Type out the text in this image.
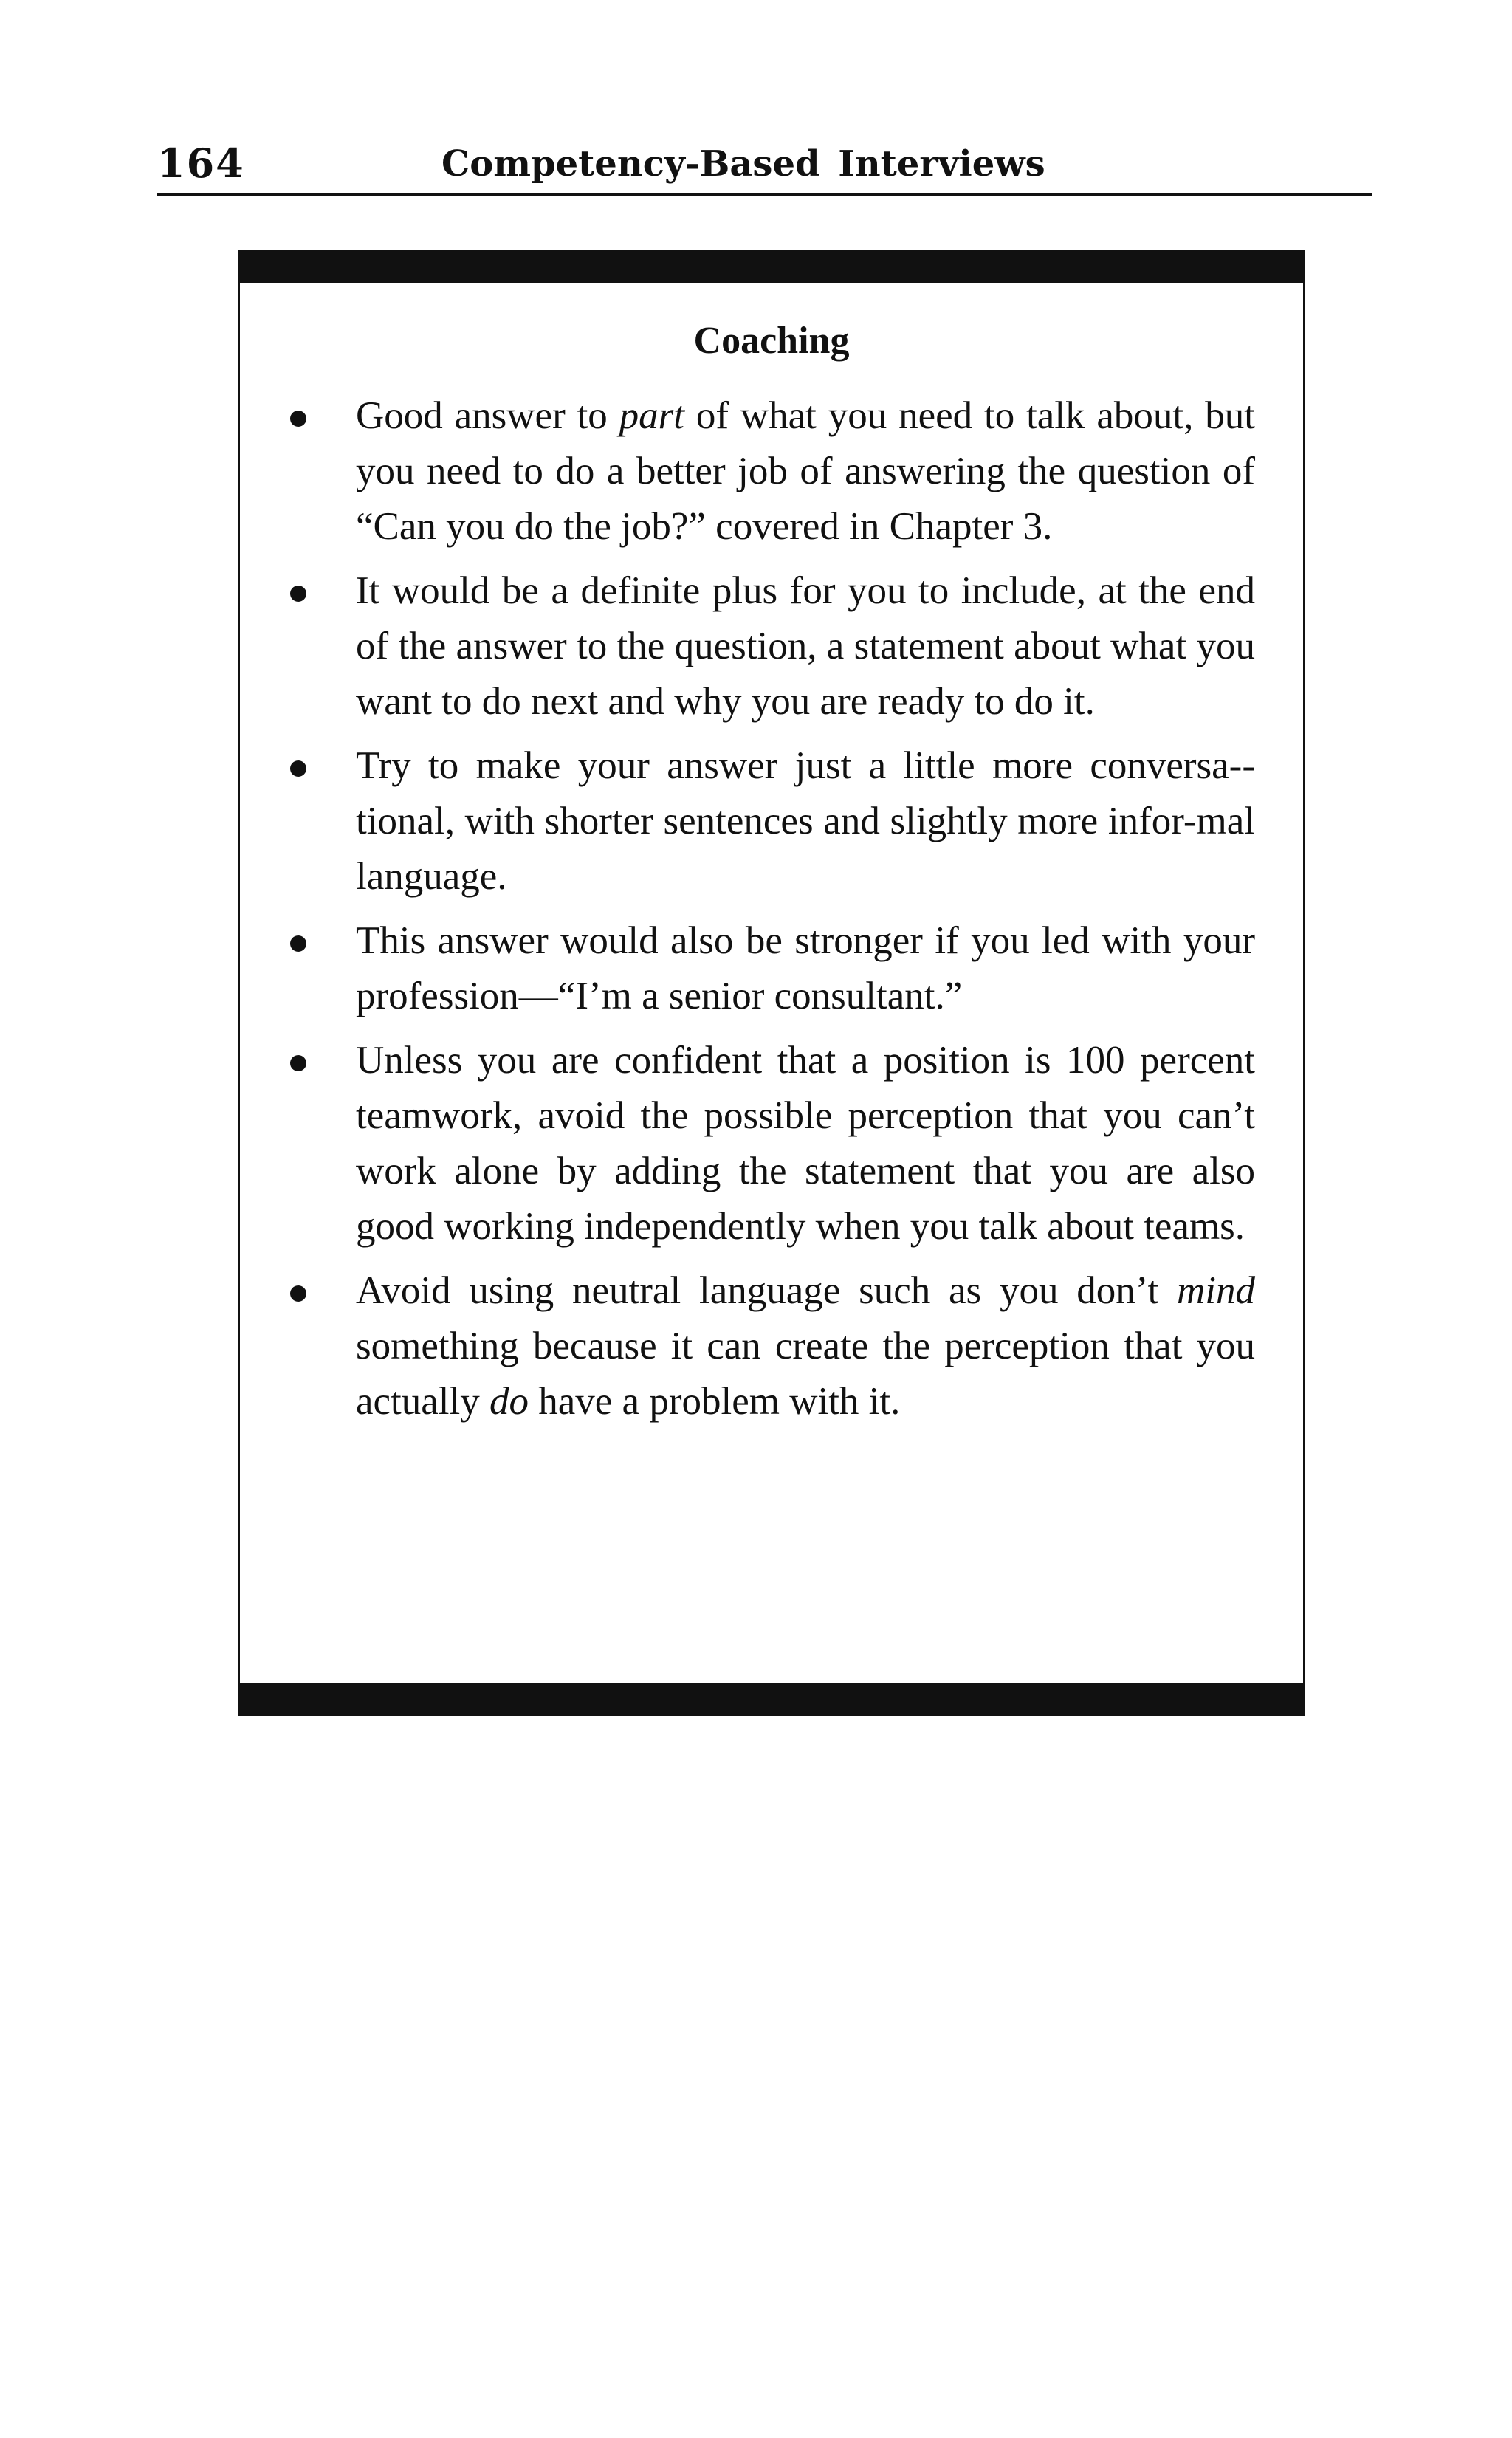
164	Competency-Based Interviews
Coaching
Good answer to part of what you need to talk about, but you need to do a better job of answering the question of “Can you do the job?” covered in Chapter 3.
It would be a definite plus for you to include, at the end of the answer to the question, a statement about what you want to do next and why you are ready to do it.
Try to make your answer just a little more conversa-tional, with shorter sentences and slightly more infor-mal language.
This answer would also be stronger if you led with your profession—“I’m a senior consultant.”
Unless you are confident that a position is 100 percent teamwork, avoid the possible perception that you can’t work alone by adding the statement that you are also good working independently when you talk about teams.
Avoid using neutral language such as you don’t mind something because it can create the perception that you actually do have a problem with it.
